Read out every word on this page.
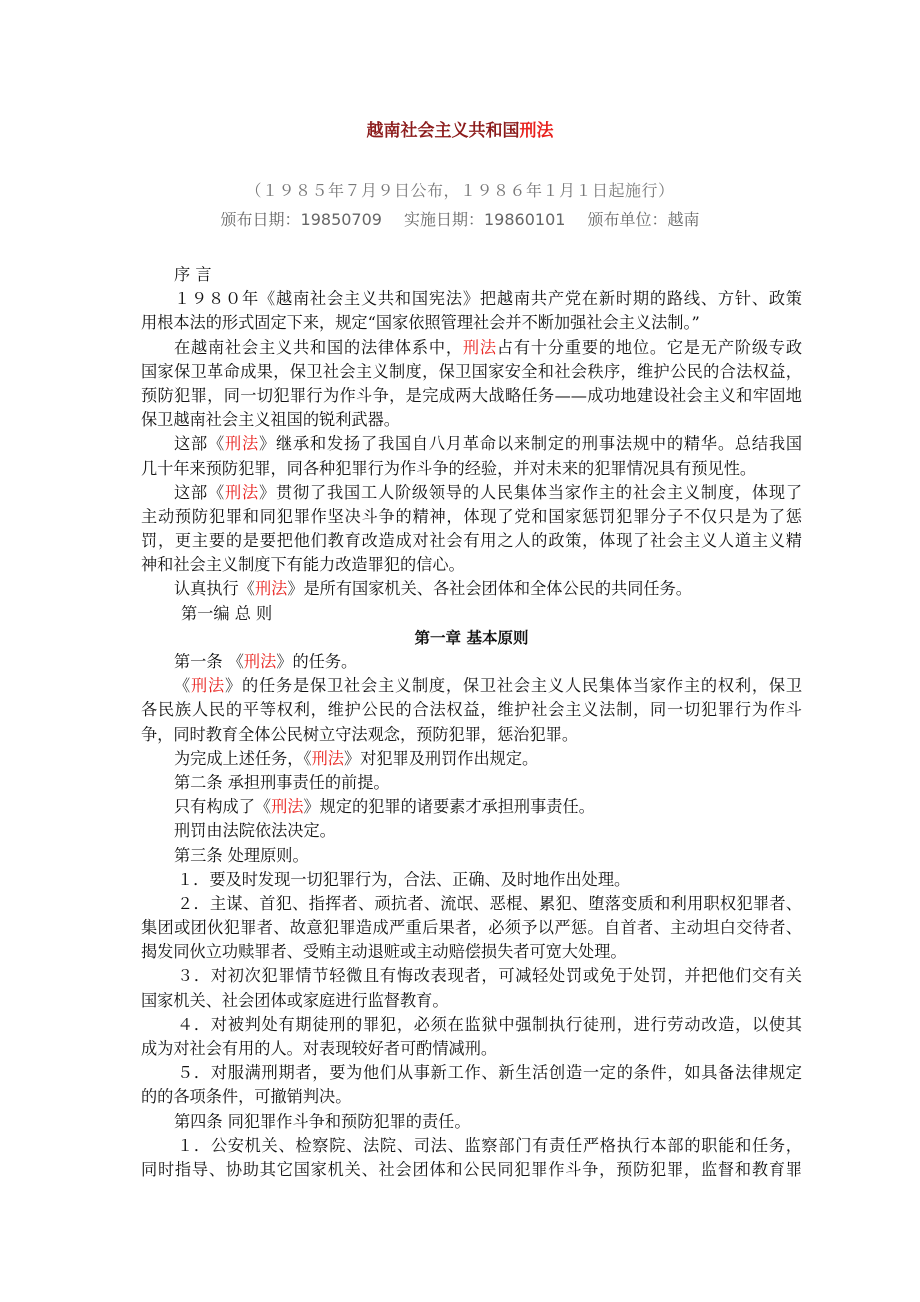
越南社会主义共和国刑法
（１９８５年７月９日公布，１９８６年１月１日起施行）
颁布日期：19850709 实施日期：19860101 颁布单位：越南
序 言
１９８０年《越南社会主义共和国宪法》把越南共产党在新时期的路线、方针、政策
用根本法的形式固定下来，规定“国家依照管理社会并不断加强社会主义法制。”
在越南社会主义共和国的法律体系中，刑法占有十分重要的地位。它是无产阶级专政
国家保卫革命成果，保卫社会主义制度，保卫国家安全和社会秩序，维护公民的合法权益，
预防犯罪，同一切犯罪行为作斗争，是完成两大战略任务——成功地建设社会主义和牢固地
保卫越南社会主义祖国的锐利武器。
这部《刑法》继承和发扬了我国自八月革命以来制定的刑事法规中的精华。总结我国
几十年来预防犯罪，同各种犯罪行为作斗争的经验，并对未来的犯罪情况具有预见性。
这部《刑法》贯彻了我国工人阶级领导的人民集体当家作主的社会主义制度，体现了
主动预防犯罪和同犯罪作坚决斗争的精神，体现了党和国家惩罚犯罪分子不仅只是为了惩
罚，更主要的是要把他们教育改造成对社会有用之人的政策，体现了社会主义人道主义精
神和社会主义制度下有能力改造罪犯的信心。
认真执行《刑法》是所有国家机关、各社会团体和全体公民的共同任务。
第一编 总 则
第一章 基本原则
第一条 《刑法》的任务。
《刑法》的任务是保卫社会主义制度，保卫社会主义人民集体当家作主的权利，保卫
各民族人民的平等权利，维护公民的合法权益，维护社会主义法制，同一切犯罪行为作斗
争，同时教育全体公民树立守法观念，预防犯罪，惩治犯罪。
为完成上述任务，《刑法》对犯罪及刑罚作出规定。
第二条 承担刑事责任的前提。
只有构成了《刑法》规定的犯罪的诸要素才承担刑事责任。
刑罚由法院依法决定。
第三条 处理原则。
１．要及时发现一切犯罪行为，合法、正确、及时地作出处理。
２．主谋、首犯、指挥者、顽抗者、流氓、恶棍、累犯、堕落变质和利用职权犯罪者、
集团或团伙犯罪者、故意犯罪造成严重后果者，必须予以严惩。自首者、主动坦白交待者、
揭发同伙立功赎罪者、受贿主动退赃或主动赔偿损失者可宽大处理。
３．对初次犯罪情节轻微且有悔改表现者，可减轻处罚或免于处罚，并把他们交有关
国家机关、社会团体或家庭进行监督教育。
４．对被判处有期徒刑的罪犯，必须在监狱中强制执行徒刑，进行劳动改造，以使其
成为对社会有用的人。对表现较好者可酌情减刑。
５．对服满刑期者，要为他们从事新工作、新生活创造一定的条件，如具备法律规定
的的各项条件，可撤销判决。
第四条 同犯罪作斗争和预防犯罪的责任。
１．公安机关、检察院、法院、司法、监察部门有责任严格执行本部的职能和任务，
同时指导、协助其它国家机关、社会团体和公民同犯罪作斗争，预防犯罪，监督和教育罪
